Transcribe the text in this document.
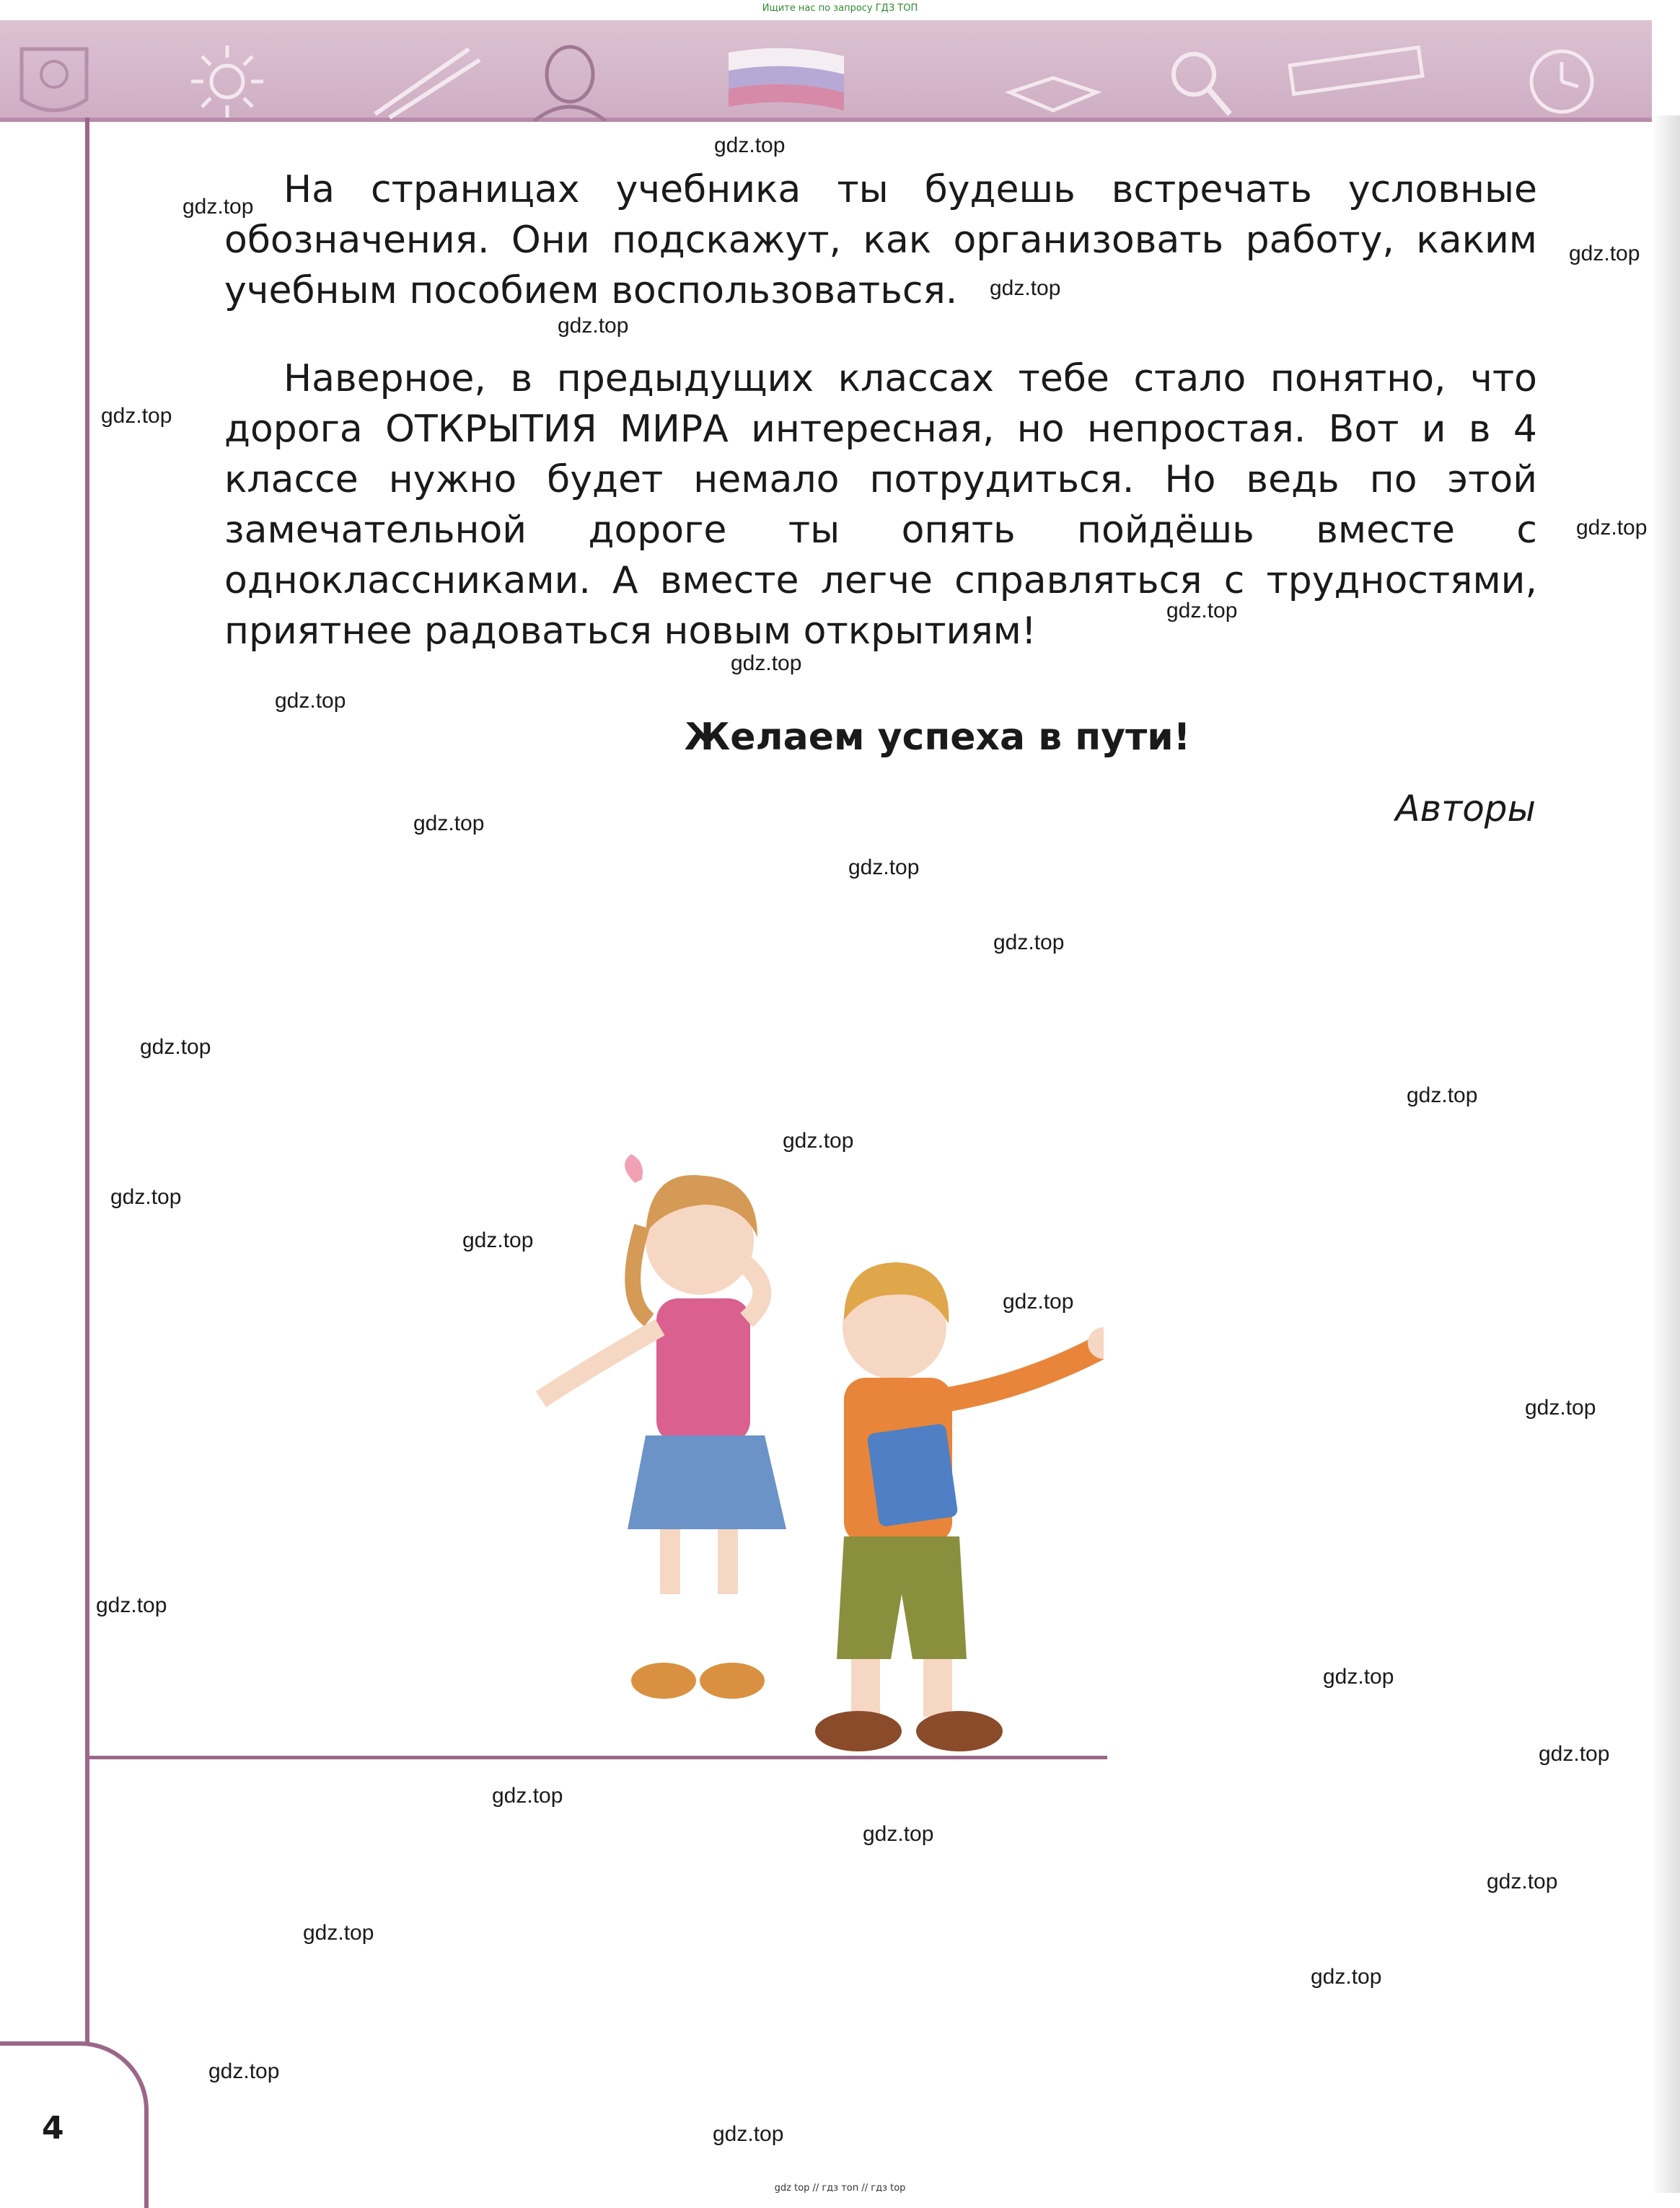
Ищите нас по запросу ГДЗ ТОП
На страницах учебника ты будешь встречать условные обозначения. Они подскажут, как организовать работу, каким учебным пособием воспользоваться.
Наверное, в предыдущих классах тебе стало понятно, что дорога ОТКРЫТИЯ МИРА интересная, но непростая. Вот и в 4 классе нужно будет немало потрудиться. Но ведь по этой замечательной дороге ты опять пойдёшь вместе с одноклассниками. А вместе легче справляться с трудностями, приятнее радоваться новым открытиям!
Желаем успеха в пути!
Авторы
4
gdz top // гдз топ // гдз top
gdz.top
gdz.top
gdz.top
gdz.top
gdz.top
gdz.top
gdz.top
gdz.top
gdz.top
gdz.top
gdz.top
gdz.top
gdz.top
gdz.top
gdz.top
gdz.top
gdz.top
gdz.top
gdz.top
gdz.top
gdz.top
gdz.top
gdz.top
gdz.top
gdz.top
gdz.top
gdz.top
gdz.top
gdz.top
gdz.top
